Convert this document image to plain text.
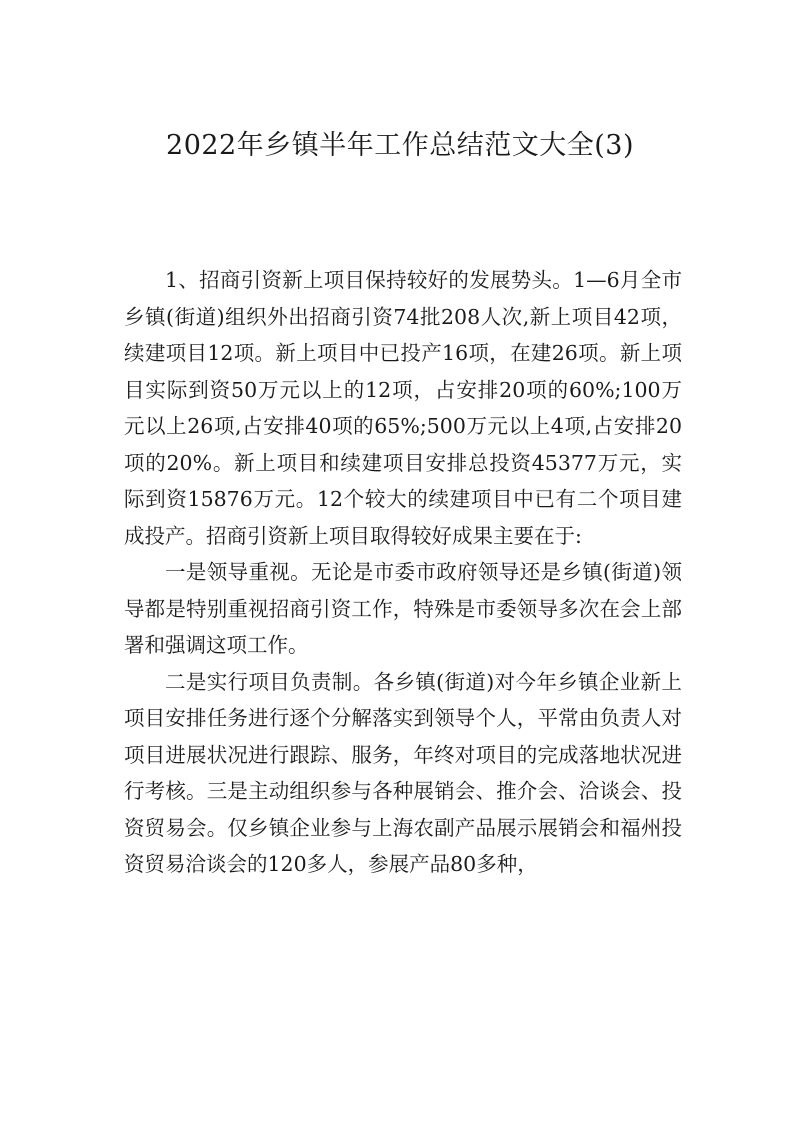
2022年乡镇半年工作总结范文大全(3)

1、招商引资新上项目保持较好的发展势头。1—6月全市乡镇(街道)组织外出招商引资74批208人次,新上项目42项，续建项目12项。新上项目中已投产16项，在建26项。新上项目实际到资50万元以上的12项，占安排20项的60%;100万元以上26项,占安排40项的65%;500万元以上4项,占安排20项的20%。新上项目和续建项目安排总投资45377万元，实际到资15876万元。12个较大的续建项目中已有二个项目建成投产。招商引资新上项目取得较好成果主要在于:

一是领导重视。无论是市委市政府领导还是乡镇(街道)领导都是特别重视招商引资工作，特殊是市委领导多次在会上部署和强调这项工作。

二是实行项目负责制。各乡镇(街道)对今年乡镇企业新上项目安排任务进行逐个分解落实到领导个人，平常由负责人对项目进展状况进行跟踪、服务，年终对项目的完成落地状况进行考核。三是主动组织参与各种展销会、推介会、洽谈会、投资贸易会。仅乡镇企业参与上海农副产品展示展销会和福州投资贸易洽谈会的120多人，参展产品80多种，
